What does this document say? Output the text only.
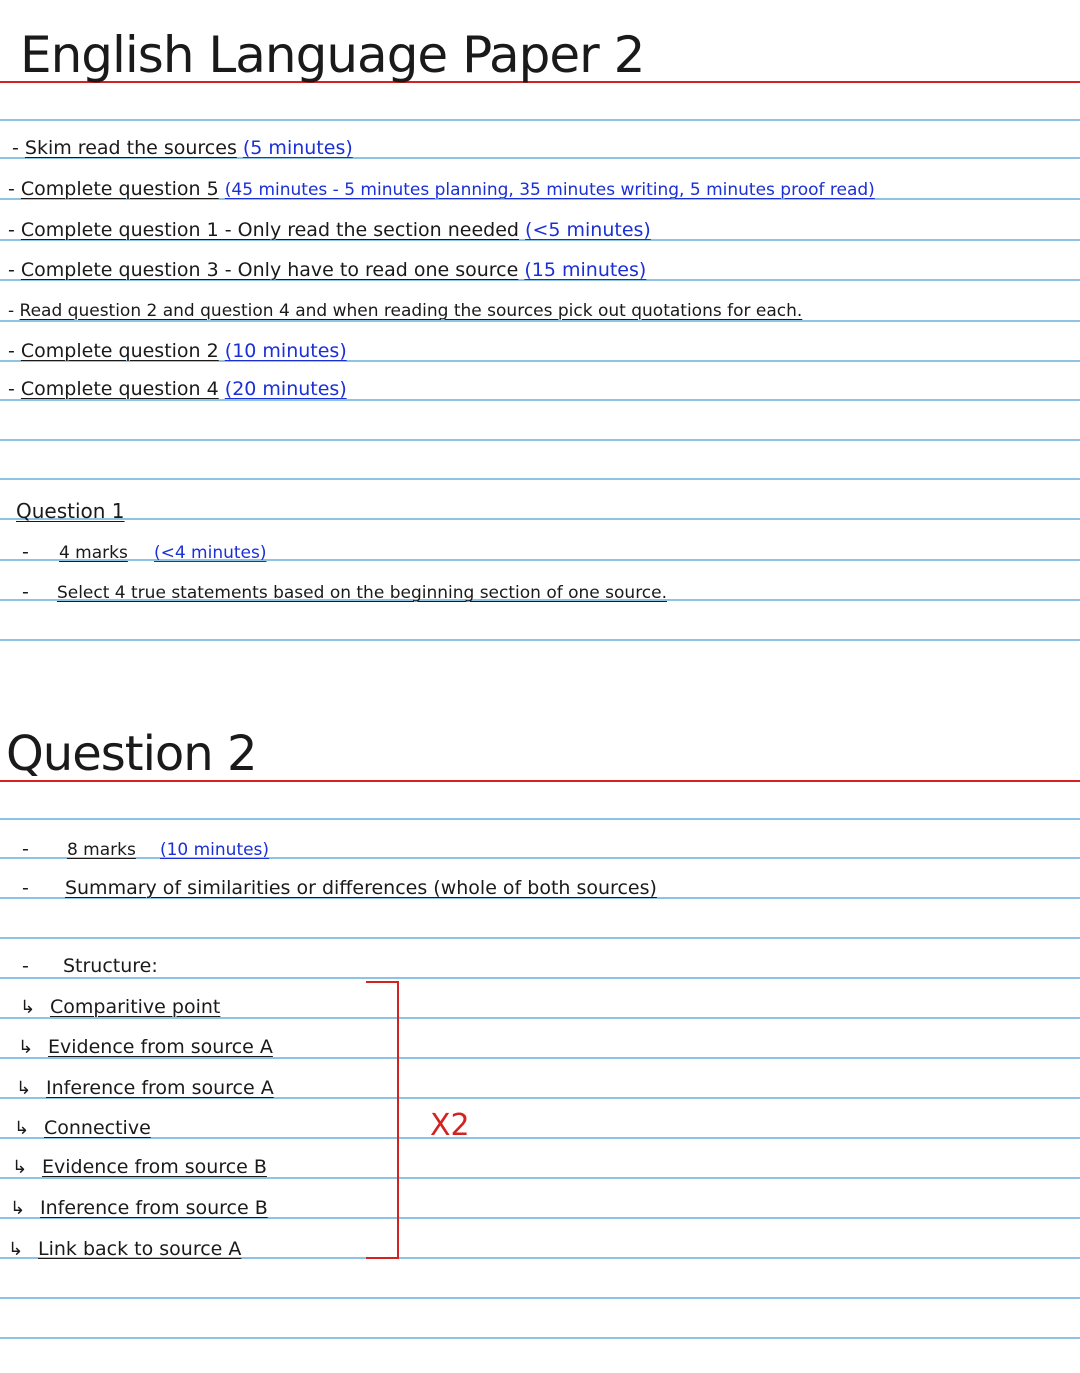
English Language Paper 2
- Skim read the sources (5 minutes)
- Complete question 5 (45 minutes - 5 minutes planning, 35 minutes writing, 5 minutes proof read)
- Complete question 1 - Only read the section needed (<5 minutes)
- Complete question 3 - Only have to read one source (15 minutes)
- Read question 2 and question 4 and when reading the sources pick out quotations for each.
- Complete question 2 (10 minutes)
- Complete question 4 (20 minutes)
Question 1
- 4 marks (<4 minutes)
- Select 4 true statements based on the beginning section of one source.
Question 2
- 8 marks (10 minutes)
- Summary of similarities or differences (whole of both sources)
- Structure:
↳ Comparitive point
↳ Evidence from source A
↳ Inference from source A
↳ Connective
↳ Evidence from source B
↳ Inference from source B
↳ Link back to source A
X2
